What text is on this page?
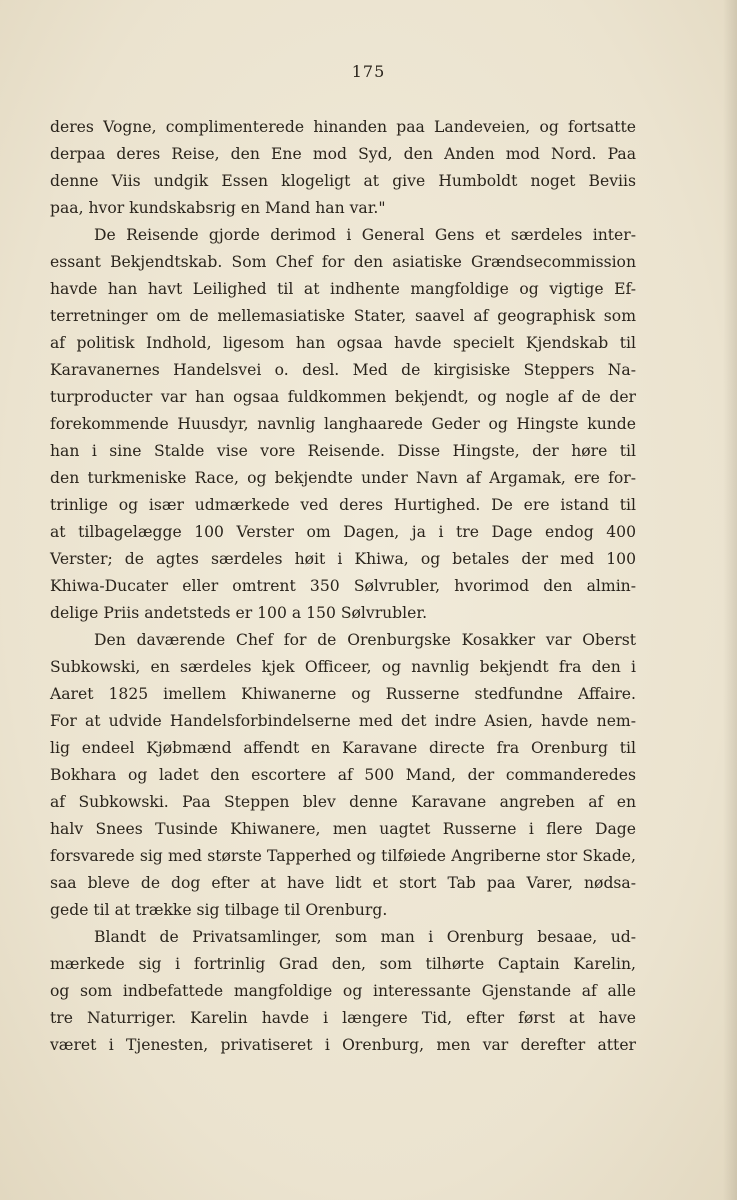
175
deres Vogne, complimenterede hinanden paa Landeveien, og fortsatte
derpaa deres Reise, den Ene mod Syd, den Anden mod Nord. Paa
denne Viis undgik Essen klogeligt at give Humboldt noget Beviis
paa, hvor kundskabsrig en Mand han var."
De Reisende gjorde derimod i General Gens et særdeles inter-
essant Bekjendtskab. Som Chef for den asiatiske Grændsecommission
havde han havt Leilighed til at indhente mangfoldige og vigtige Ef-
terretninger om de mellemasiatiske Stater, saavel af geographisk som
af politisk Indhold, ligesom han ogsaa havde specielt Kjendskab til
Karavanernes Handelsvei o. desl. Med de kirgisiske Steppers Na-
turproducter var han ogsaa fuldkommen bekjendt, og nogle af de der
forekommende Huusdyr, navnlig langhaarede Geder og Hingste kunde
han i sine Stalde vise vore Reisende. Disse Hingste, der høre til
den turkmeniske Race, og bekjendte under Navn af Argamak, ere for-
trinlige og især udmærkede ved deres Hurtighed. De ere istand til
at tilbagelægge 100 Verster om Dagen, ja i tre Dage endog 400
Verster; de agtes særdeles høit i Khiwa, og betales der med 100
Khiwa-Ducater eller omtrent 350 Sølvrubler, hvorimod den almin-
delige Priis andetsteds er 100 a 150 Sølvrubler.
Den daværende Chef for de Orenburgske Kosakker var Oberst
Subkowski, en særdeles kjek Officeer, og navnlig bekjendt fra den i
Aaret 1825 imellem Khiwanerne og Russerne stedfundne Affaire.
For at udvide Handelsforbindelserne med det indre Asien, havde nem-
lig endeel Kjøbmænd affendt en Karavane directe fra Orenburg til
Bokhara og ladet den escortere af 500 Mand, der commanderedes
af Subkowski. Paa Steppen blev denne Karavane angreben af en
halv Snees Tusinde Khiwanere, men uagtet Russerne i flere Dage
forsvarede sig med største Tapperhed og tilføiede Angriberne stor Skade,
saa bleve de dog efter at have lidt et stort Tab paa Varer, nødsa-
gede til at trække sig tilbage til Orenburg.
Blandt de Privatsamlinger, som man i Orenburg besaae, ud-
mærkede sig i fortrinlig Grad den, som tilhørte Captain Karelin,
og som indbefattede mangfoldige og interessante Gjenstande af alle
tre Naturriger. Karelin havde i længere Tid, efter først at have
været i Tjenesten, privatiseret i Orenburg, men var derefter atter
